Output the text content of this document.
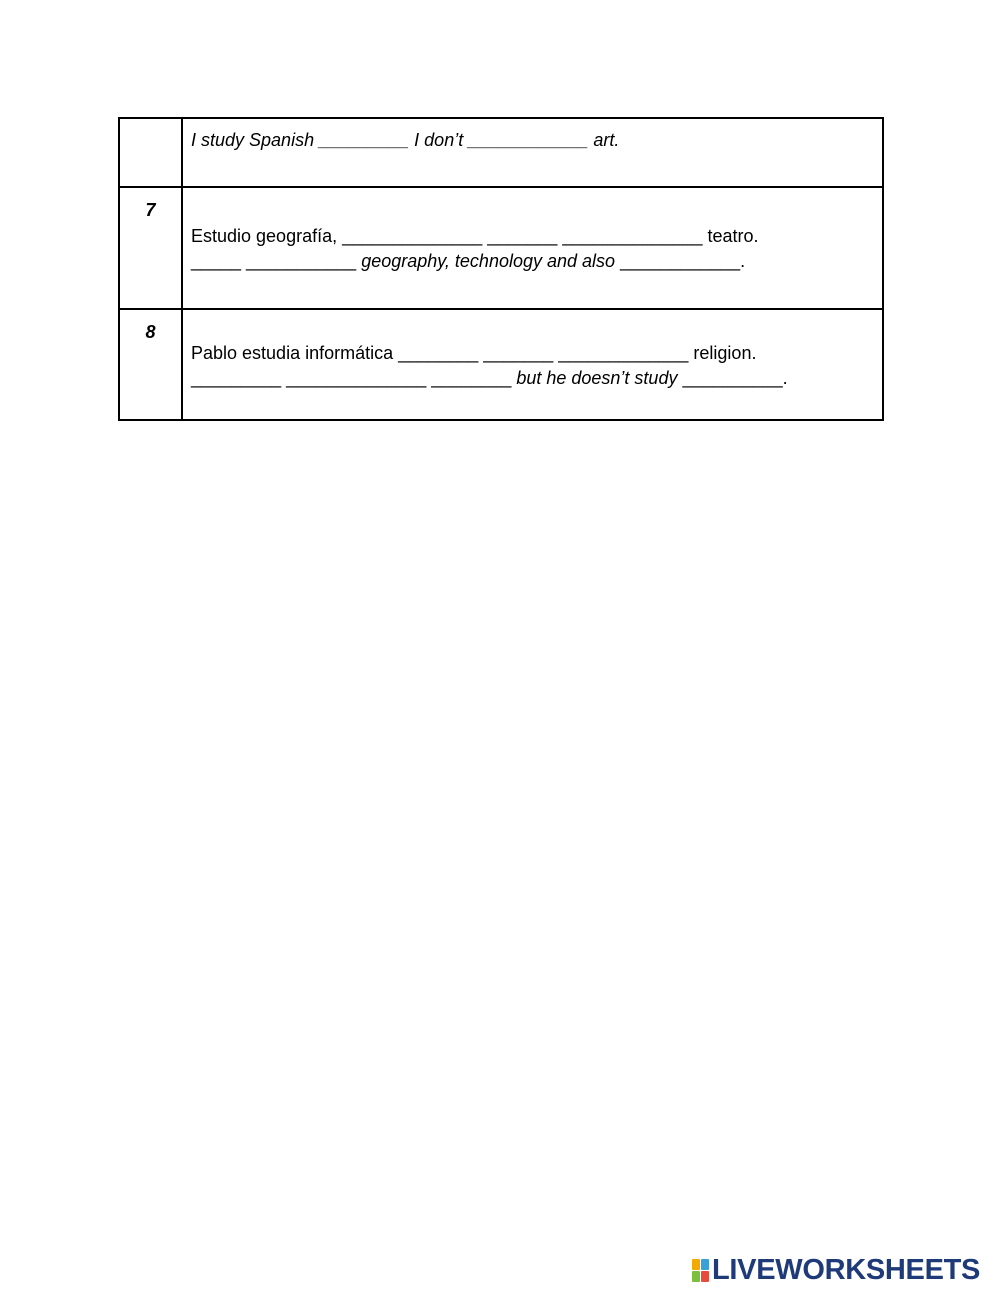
	I study Spanish _________ I don’t ____________ art.

7	Estudio geografía, ______________ _______ ______________ teatro.
_____ ___________ geography, technology and also ____________.

8	Pablo estudia informática ________ _______ _____________ religion.
_________ ______________ ________ but he doesn’t study __________.
LIVEWORKSHEETS
